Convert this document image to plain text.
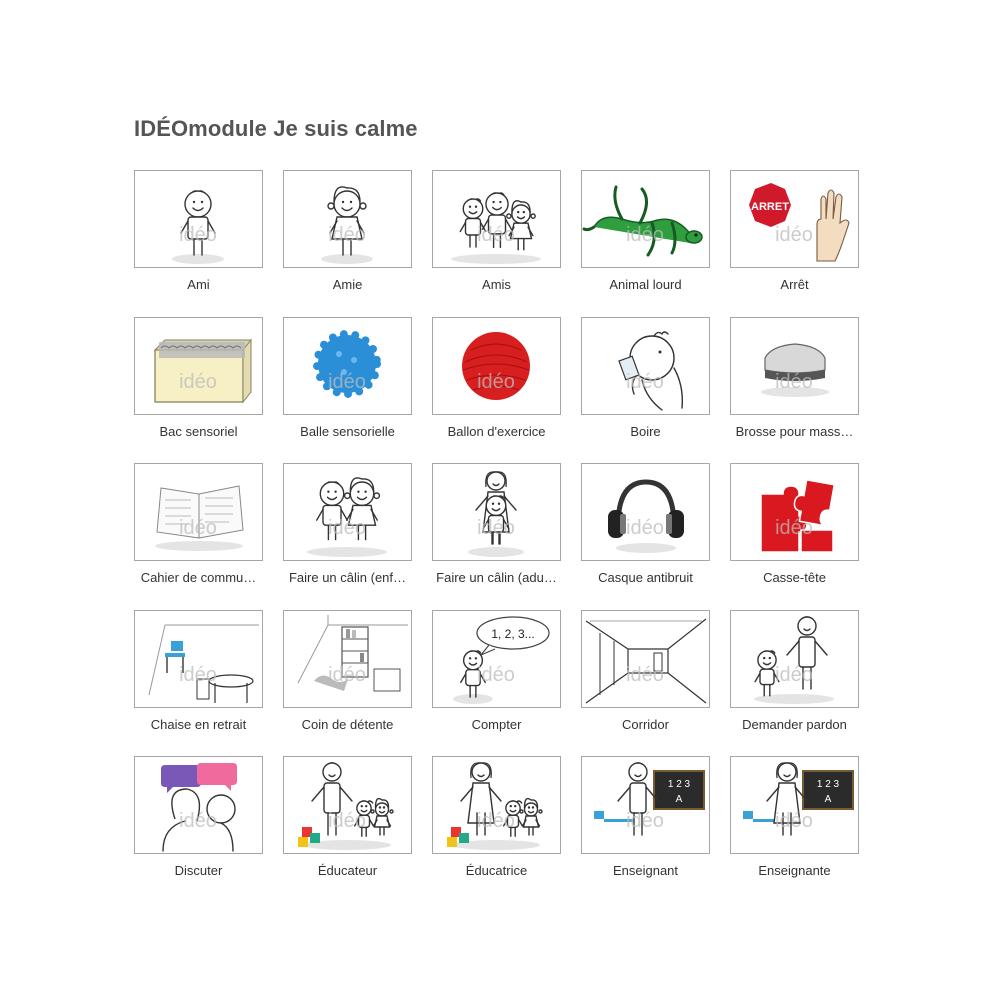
IDÉOmodule Je suis calme
idéo
Ami
idéo
Amie
idéo
Amis
idéo
Animal lourd
ARRET
idéo
Arrêt
idéo
Bac sensoriel
idéo
Balle sensorielle
idéo
Ballon d'exercice
idéo
Boire
idéo
Brosse pour mass…
idéo
Cahier de commu…
idéo
Faire un câlin (enf…
idéo
Faire un câlin (adu…
idéo
Casque antibruit
idéo
Casse-tête
idéo
Chaise en retrait
idéo
Coin de détente
1, 2, 3...
idéo
Compter
idéo
Corridor
idéo
Demander pardon
idéo
Discuter
idéo
Éducateur
idéo
Éducatrice
1 2 3
A
idéo
Enseignant
1 2 3
A
idéo
Enseignante
